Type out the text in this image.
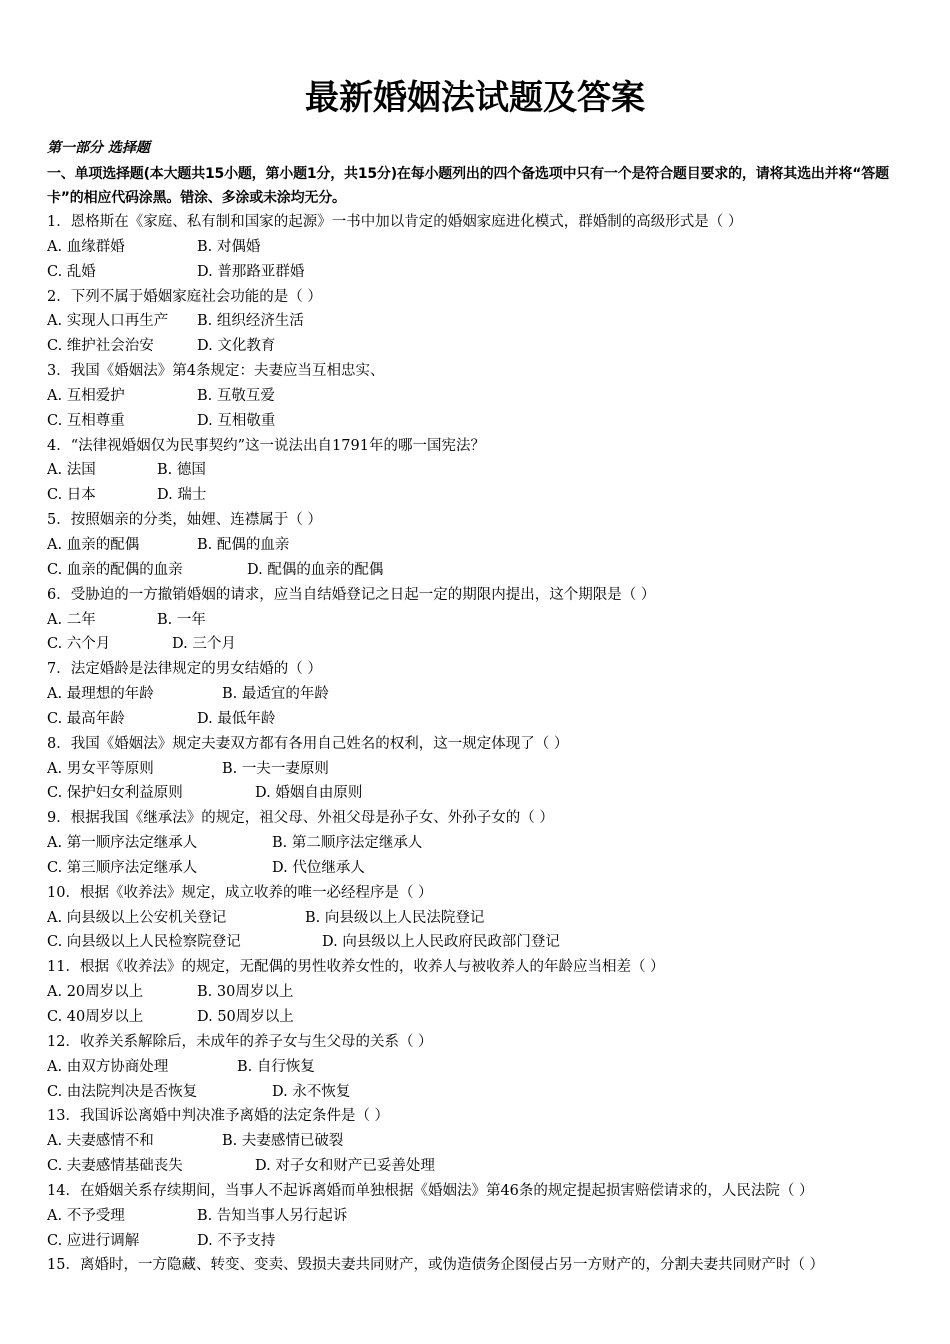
最新婚姻法试题及答案
第一部分 选择题
一、单项选择题(本大题共15小题，第小题1分，共15分)在每小题列出的四个备选项中只有一个是符合题目要求的，请将其选出并将“答题卡”的相应代码涂黑。错涂、多涂或未涂均无分。
1．恩格斯在《家庭、私有制和国家的起源》一书中加以肯定的婚姻家庭进化模式，群婚制的高级形式是（ ）
A. 血缘群婚	B. 对偶婚
C. 乱婚	D. 普那路亚群婚
2．下列不属于婚姻家庭社会功能的是（ ）
A. 实现人口再生产 B. 组织经济生活
C. 维护社会治安	D. 文化教育
3．我国《婚姻法》第4条规定：夫妻应当互相忠实、
A. 互相爱护	B. 互敬互爱
C. 互相尊重	D. 互相敬重
4．“法律视婚姻仅为民事契约”这一说法出自1791年的哪一国宪法？
A. 法国	B. 德国
C. 日本	D. 瑞士
5．按照姻亲的分类，妯娌、连襟属于（ ）
A. 血亲的配偶	B. 配偶的血亲
C. 血亲的配偶的血亲	D. 配偶的血亲的配偶
6．受胁迫的一方撤销婚姻的请求，应当自结婚登记之日起一定的期限内提出，这个期限是（ ）
A. 二年	B. 一年
C. 六个月	D. 三个月
7．法定婚龄是法律规定的男女结婚的（ ）
A. 最理想的年龄	B. 最适宜的年龄
C. 最高年龄	D. 最低年龄
8．我国《婚姻法》规定夫妻双方都有各用自己姓名的权利，这一规定体现了（ ）
A. 男女平等原则	B. 一夫一妻原则
C. 保护妇女利益原则	D. 婚姻自由原则
9．根据我国《继承法》的规定，祖父母、外祖父母是孙子女、外孙子女的（ ）
A. 第一顺序法定继承人	B. 第二顺序法定继承人
C. 第三顺序法定继承人	D. 代位继承人
10．根据《收养法》规定，成立收养的唯一必经程序是（ ）
A. 向县级以上公安机关登记	B. 向县级以上人民法院登记
C. 向县级以上人民检察院登记	D. 向县级以上人民政府民政部门登记
11．根据《收养法》的规定，无配偶的男性收养女性的，收养人与被收养人的年龄应当相差（ ）
A. 20周岁以上	B. 30周岁以上
C. 40周岁以上	D. 50周岁以上
12．收养关系解除后，未成年的养子女与生父母的关系（ ）
A. 由双方协商处理	B. 自行恢复
C. 由法院判决是否恢复	D. 永不恢复
13．我国诉讼离婚中判决准予离婚的法定条件是（ ）
A. 夫妻感情不和	B. 夫妻感情已破裂
C. 夫妻感情基础丧失	D. 对子女和财产已妥善处理
14．在婚姻关系存续期间，当事人不起诉离婚而单独根据《婚姻法》第46条的规定提起损害赔偿请求的，人民法院（ ）
A. 不予受理	B. 告知当事人另行起诉
C. 应进行调解	D. 不予支持
15．离婚时，一方隐藏、转变、变卖、毁损夫妻共同财产，或伪造债务企图侵占另一方财产的，分割夫妻共同财产时（ ）
